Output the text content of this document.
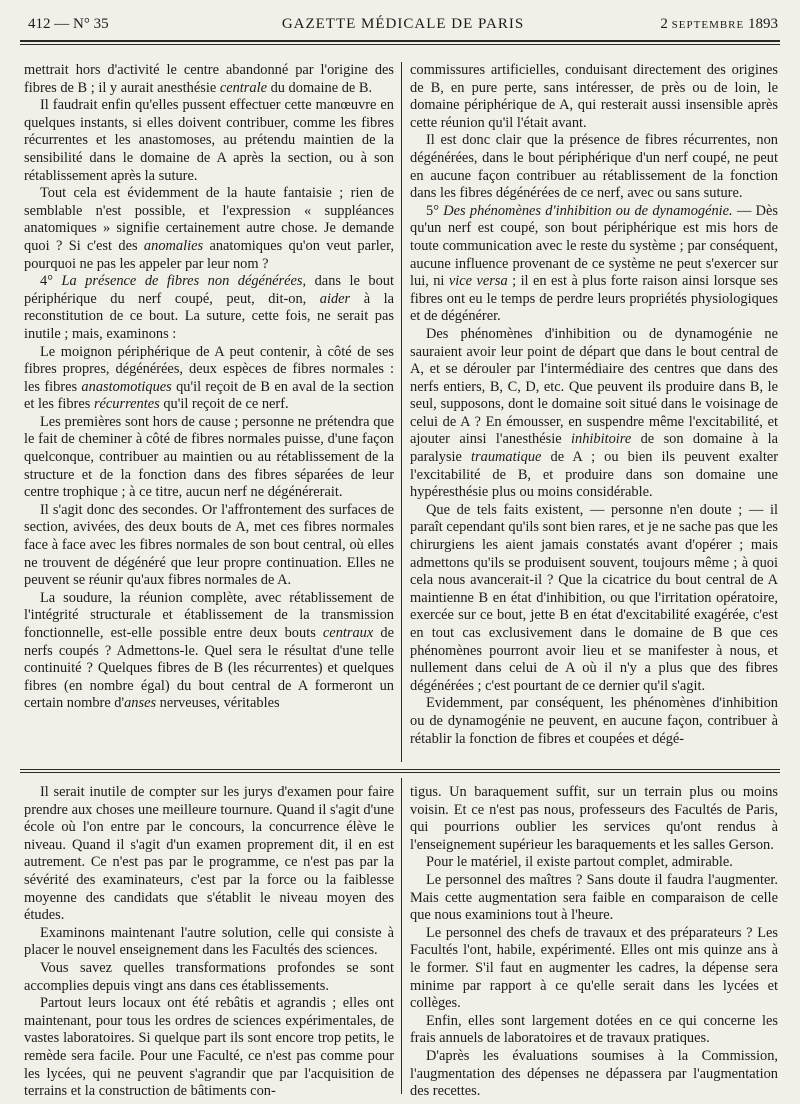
412 — N° 35	GAZETTE MÉDICALE DE PARIS	2 SEPTEMBRE 1893

mettrait hors d'activité le centre abandonné par l'origine des fibres de B ; il y aurait anesthésie centrale du domaine de B.

Il faudrait enfin qu'elles pussent effectuer cette manœuvre en quelques instants, si elles doivent contribuer, comme les fibres récurrentes et les anastomoses, au prétendu maintien de la sensibilité dans le domaine de A après la section, ou à son rétablissement après la suture.

Tout cela est évidemment de la haute fantaisie ; rien de semblable n'est possible, et l'expression « suppléances anatomiques » signifie certainement autre chose. Je demande quoi ? Si c'est des anomalies anatomiques qu'on veut parler, pourquoi ne pas les appeler par leur nom ?

4° La présence de fibres non dégénérées, dans le bout périphérique du nerf coupé, peut, dit-on, aider à la reconstitution de ce bout. La suture, cette fois, ne serait pas inutile ; mais, examinons :

Le moignon périphérique de A peut contenir, à côté de ses fibres propres, dégénérées, deux espèces de fibres normales : les fibres anastomotiques qu'il reçoit de B en aval de la section et les fibres récurrentes qu'il reçoit de ce nerf.

Les premières sont hors de cause ; personne ne prétendra que le fait de cheminer à côté de fibres normales puisse, d'une façon quelconque, contribuer au maintien ou au rétablissement de la structure et de la fonction dans des fibres séparées de leur centre trophique ; à ce titre, aucun nerf ne dégénérerait.

Il s'agit donc des secondes. Or l'affrontement des surfaces de section, avivées, des deux bouts de A, met ces fibres normales face à face avec les fibres normales de son bout central, où elles ne trouvent de dégénéré que leur propre continuation. Elles ne peuvent se réunir qu'aux fibres normales de A.

La soudure, la réunion complète, avec rétablissement de l'intégrité structurale et établissement de la transmission fonctionnelle, est-elle possible entre deux bouts centraux de nerfs coupés ? Admettons-le. Quel sera le résultat d'une telle continuité ? Quelques fibres de B (les récurrentes) et quelques fibres (en nombre égal) du bout central de A formeront un certain nombre d'anses nerveuses, véritables

commissures artificielles, conduisant directement des origines de B, en pure perte, sans intéresser, de près ou de loin, le domaine périphérique de A, qui resterait aussi insensible après cette réunion qu'il l'était avant.

Il est donc clair que la présence de fibres récurrentes, non dégénérées, dans le bout périphérique d'un nerf coupé, ne peut en aucune façon contribuer au rétablissement de la fonction dans les fibres dégénérées de ce nerf, avec ou sans suture.

5° Des phénomènes d'inhibition ou de dynamogénie. — Dès qu'un nerf est coupé, son bout périphérique est mis hors de toute communication avec le reste du système ; par conséquent, aucune influence provenant de ce système ne peut s'exercer sur lui, ni vice versa ; il en est à plus forte raison ainsi lorsque ses fibres ont eu le temps de perdre leurs propriétés physiologiques et de dégénérer.

Des phénomènes d'inhibition ou de dynamogénie ne sauraient avoir leur point de départ que dans le bout central de A, et se dérouler par l'intermédiaire des centres que dans des nerfs entiers, B, C, D, etc. Que peuvent ils produire dans B, le seul, supposons, dont le domaine soit situé dans le voisinage de celui de A ? En émousser, en suspendre même l'excitabilité, et ajouter ainsi l'anesthésie inhibitoire de son domaine à la paralysie traumatique de A ; ou bien ils peuvent exalter l'excitabilité de B, et produire dans son domaine une hypéresthésie plus ou moins considérable.

Que de tels faits existent, — personne n'en doute ; — il paraît cependant qu'ils sont bien rares, et je ne sache pas que les chirurgiens les aient jamais constatés avant d'opérer ; mais admettons qu'ils se produisent souvent, toujours même ; à quoi cela nous avancerait-il ? Que la cicatrice du bout central de A maintienne B en état d'inhibition, ou que l'irritation opératoire, exercée sur ce bout, jette B en état d'excitabilité exagérée, c'est en tout cas exclusivement dans le domaine de B que ces phénomènes pourront avoir lieu et se manifester à nous, et nullement dans celui de A où il n'y a plus que des fibres dégénérées ; c'est pourtant de ce dernier qu'il s'agit.

Evidemment, par conséquent, les phénomènes d'inhibition ou de dynamogénie ne peuvent, en aucune façon, contribuer à rétablir la fonction de fibres et coupées et dégé-

Il serait inutile de compter sur les jurys d'examen pour faire prendre aux choses une meilleure tournure. Quand il s'agit d'une école où l'on entre par le concours, la concurrence élève le niveau. Quand il s'agit d'un examen proprement dit, il en est autrement. Ce n'est pas par le programme, ce n'est pas par la sévérité des examinateurs, c'est par la force ou la faiblesse moyenne des candidats que s'établit le niveau moyen des études.

Examinons maintenant l'autre solution, celle qui consiste à placer le nouvel enseignement dans les Facultés des sciences.

Vous savez quelles transformations profondes se sont accomplies depuis vingt ans dans ces établissements.

Partout leurs locaux ont été rebâtis et agrandis ; elles ont maintenant, pour tous les ordres de sciences expérimentales, de vastes laboratoires. Si quelque part ils sont encore trop petits, le remède sera facile. Pour une Faculté, ce n'est pas comme pour les lycées, qui ne peuvent s'agrandir que par l'acquisition de terrains et la construction de bâtiments con-

tigus. Un baraquement suffit, sur un terrain plus ou moins voisin. Et ce n'est pas nous, professeurs des Facultés de Paris, qui pourrions oublier les services qu'ont rendus à l'enseignement supérieur les baraquements et les salles Gerson.

Pour le matériel, il existe partout complet, admirable.

Le personnel des maîtres ? Sans doute il faudra l'augmenter. Mais cette augmentation sera faible en comparaison de celle que nous examinions tout à l'heure.

Le personnel des chefs de travaux et des préparateurs ? Les Facultés l'ont, habile, expérimenté. Elles ont mis quinze ans à le former. S'il faut en augmenter les cadres, la dépense sera minime par rapport à ce qu'elle serait dans les lycées et collèges.

Enfin, elles sont largement dotées en ce qui concerne les frais annuels de laboratoires et de travaux pratiques.

D'après les évaluations soumises à la Commission, l'augmentation des dépenses ne dépassera par l'augmentation des recettes.
